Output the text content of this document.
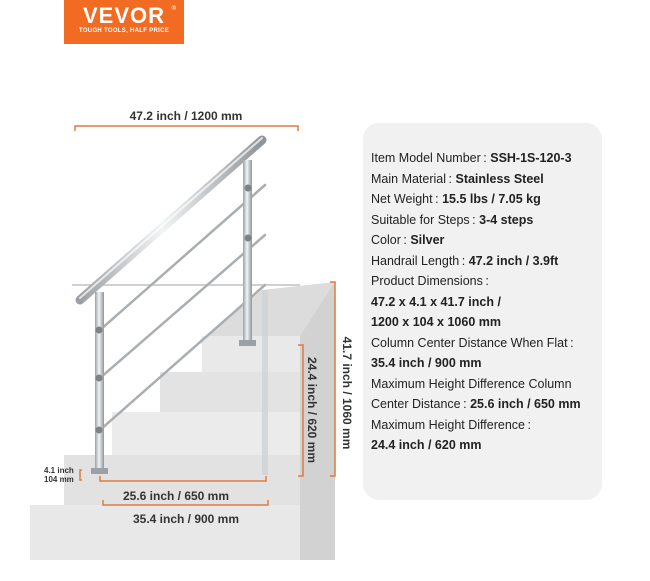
VEVOR	®
TOUGH TOOLS, HALF PRICE
47.2 inch / 1200 mm
41.7 inch / 1060 mm
24.4 inch / 620 mm
4.1 inch
104 mm
25.6 inch / 650 mm
35.4 inch / 900 mm
Item Model Number : SSH-1S-120-3
Main Material : Stainless Steel
Net Weight : 15.5 lbs / 7.05 kg
Suitable for Steps : 3-4 steps
Color : Silver
Handrail Length : 47.2 inch / 3.9ft
Product Dimensions :
47.2 x 4.1 x 41.7 inch /
1200 x 104 x 1060 mm
Column Center Distance When Flat :
35.4 inch / 900 mm
Maximum Height Difference Column
Center Distance : 25.6 inch / 650 mm
Maximum Height Difference :
24.4 inch / 620 mm
